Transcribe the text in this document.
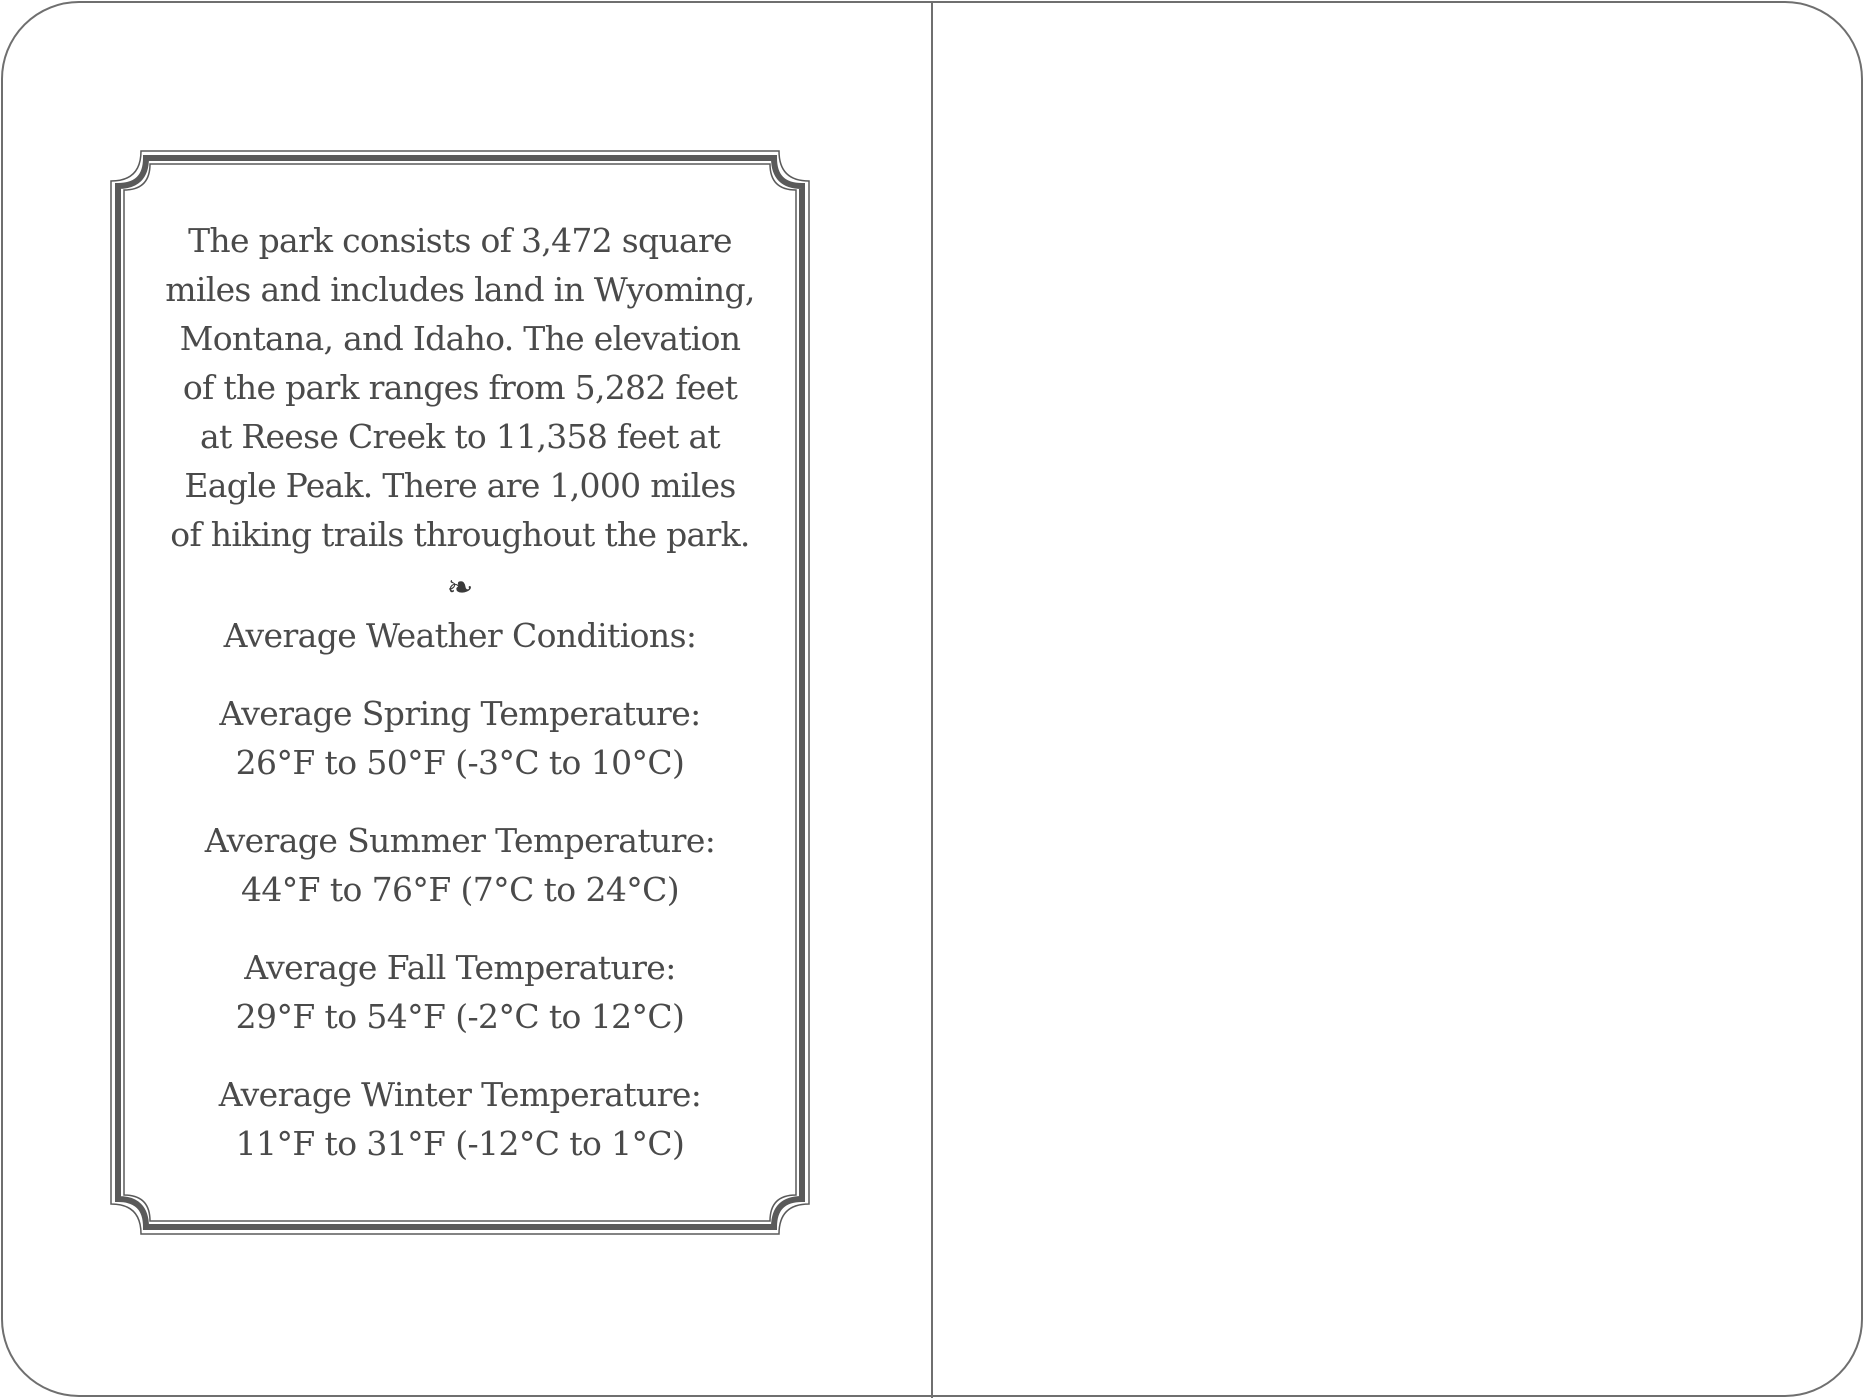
The park consists of 3,472 square miles and includes land in Wyoming, Montana, and Idaho. The elevation of the park ranges from 5,282 feet at Reese Creek to 11,358 feet at Eagle Peak. There are 1,000 miles of hiking trails throughout the park.
❧
Average Weather Conditions:
Average Spring Temperature:
26°F to 50°F (-3°C to 10°C)
Average Summer Temperature:
44°F to 76°F (7°C to 24°C)
Average Fall Temperature:
29°F to 54°F (-2°C to 12°C)
Average Winter Temperature:
11°F to 31°F (-12°C to 1°C)
